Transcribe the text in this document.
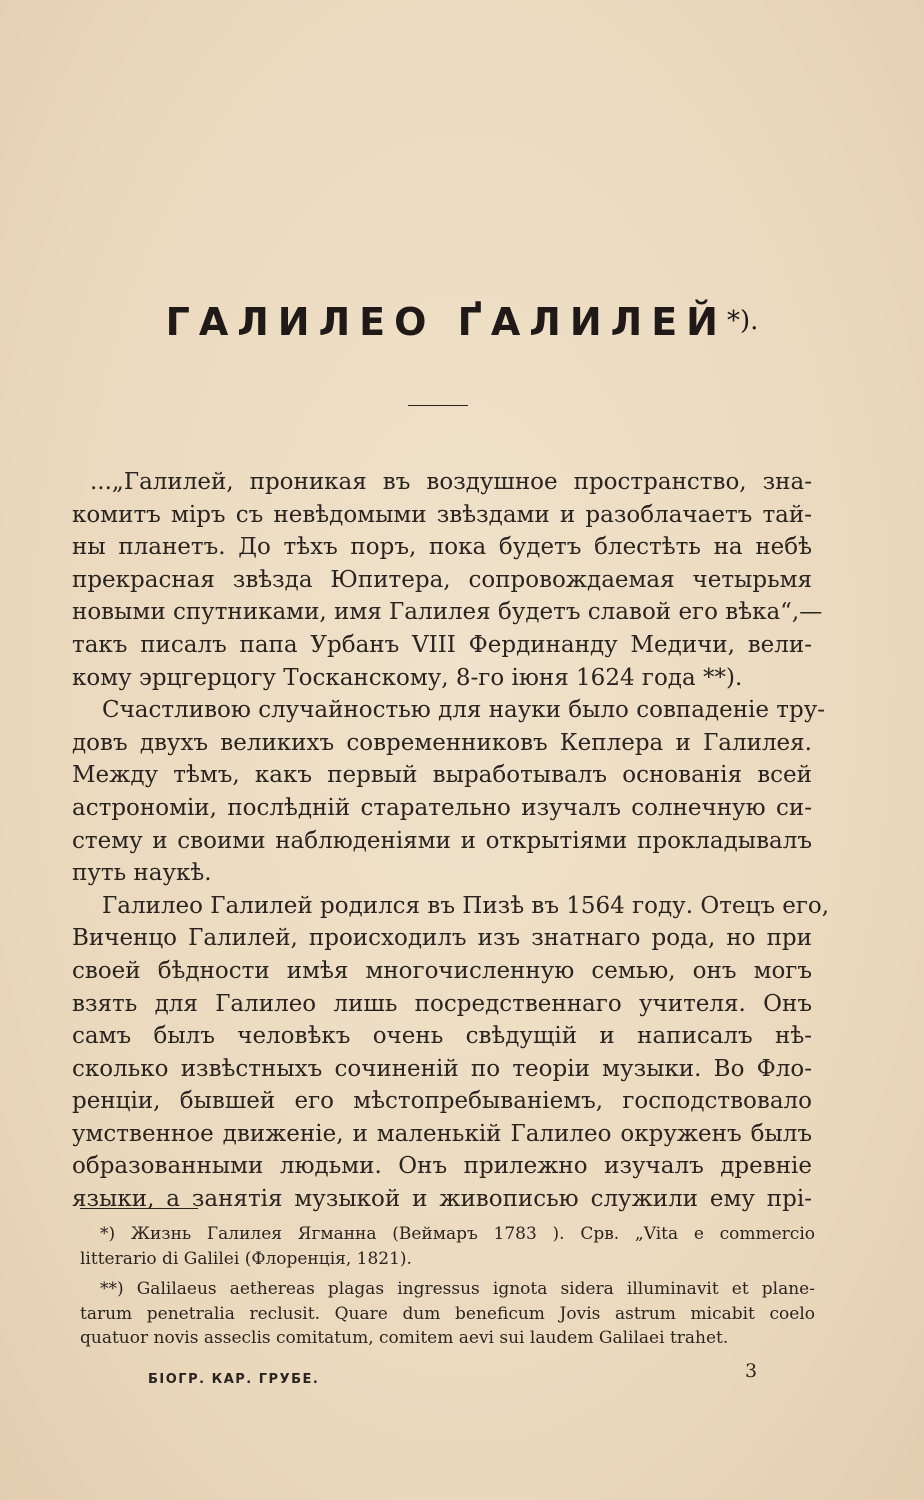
ГАЛИЛЕО ҐАЛИЛЕЙ*).
...„Галилей, проникая въ воздушное пространство, зна-
комитъ міръ съ невѣдомыми звѣздами и разоблачаетъ тай-
ны планетъ. До тѣхъ поръ, пока будетъ блестѣть на небѣ
прекрасная звѣзда Юпитера, сопровождаемая четырьмя
новыми спутниками, имя Галилея будетъ славой его вѣка“,—
такъ писалъ папа Урбанъ VIII Фердинанду Медичи, вели-
кому эрцгерцогу Тосканскому, 8-го іюня 1624 года **).
Счастливою случайностью для науки было совпаденіе тру-
довъ двухъ великихъ современниковъ Кеплера и Галилея.
Между тѣмъ, какъ первый выработывалъ основанія всей
астрономіи, послѣдній старательно изучалъ солнечную си-
стему и своими наблюденіями и открытіями прокладывалъ
путь наукѣ.
Галилео Галилей родился въ Пизѣ въ 1564 году. Отецъ его,
Виченцо Галилей, происходилъ изъ знатнаго рода, но при
своей бѣдности имѣя многочисленную семью, онъ могъ
взять для Галилео лишь посредственнаго учителя. Онъ
самъ былъ человѣкъ очень свѣдущій и написалъ нѣ-
сколько извѣстныхъ сочиненій по теоріи музыки. Во Фло-
ренціи, бывшей его мѣстопребываніемъ, господствовало
умственное движеніе, и маленькій Галилео окруженъ былъ
образованными людьми. Онъ прилежно изучалъ древніе
языки, а занятія музыкой и живописью служили ему прі-
*) Жизнь Галилея Ягманна (Веймаръ 1783 ). Срв. „Vita e commercio
litterario di Galilei (Флоренція, 1821).
**) Galilaeus aethereas plagas ingressus ignota sidera illuminavit et plane-
tarum penetralia reclusit. Quare dum beneficum Jovis astrum micabit coelo
quatuor novis asseclis comitatum, comitem aevi sui laudem Galilaei trahet.
БІОГР. КАР. ГРУБЕ.	3
